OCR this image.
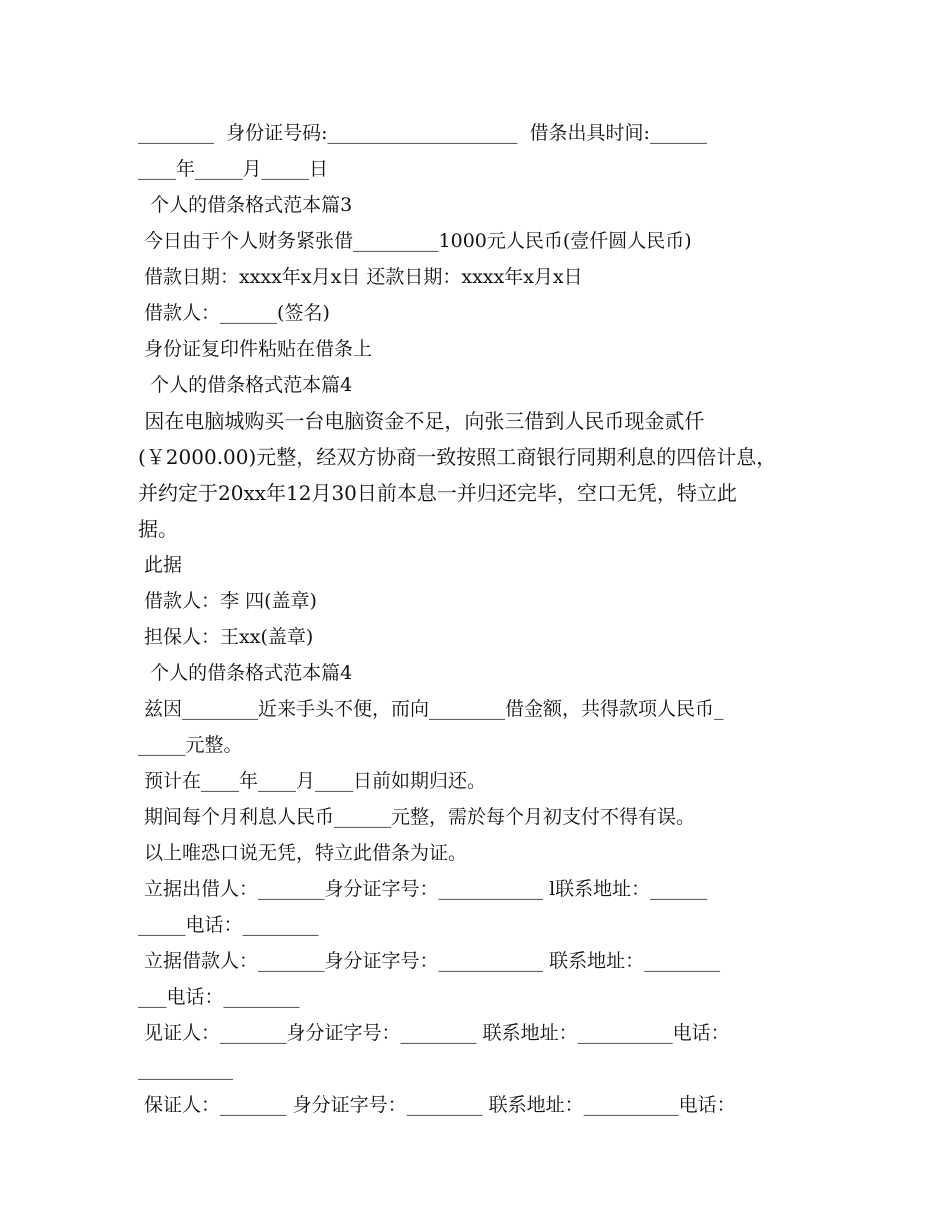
________  身份证号码:____________________  借条出具时间:______
____年_____月_____日
个人的借条格式范本篇3
今日由于个人财务紧张借_________1000元人民币(壹仟圆人民币)
借款日期：xxxx年x月x日 还款日期：xxxx年x月x日
借款人：______(签名)
身份证复印件粘贴在借条上
个人的借条格式范本篇4
因在电脑城购买一台电脑资金不足，向张三借到人民币现金贰仟
(￥2000.00)元整，经双方协商一致按照工商银行同期利息的四倍计息，
并约定于20xx年12月30日前本息一并归还完毕，空口无凭，特立此
据。
此据
借款人：李 四(盖章)
担保人：王xx(盖章)
个人的借条格式范本篇4
兹因________近来手头不便，而向________借金额，共得款项人民币_
_____元整。
预计在____年____月____日前如期归还。
期间每个月利息人民币______元整，需於每个月初支付不得有误。
以上唯恐口说无凭，特立此借条为证。
立据出借人：_______身分证字号：___________ l联系地址：______
_____电话：________
立据借款人：_______身分证字号：___________ 联系地址：________
___电话：________
见证人：_______身分证字号：________ 联系地址：__________电话：
__________
保证人：_______ 身分证字号：________ 联系地址：__________电话：
